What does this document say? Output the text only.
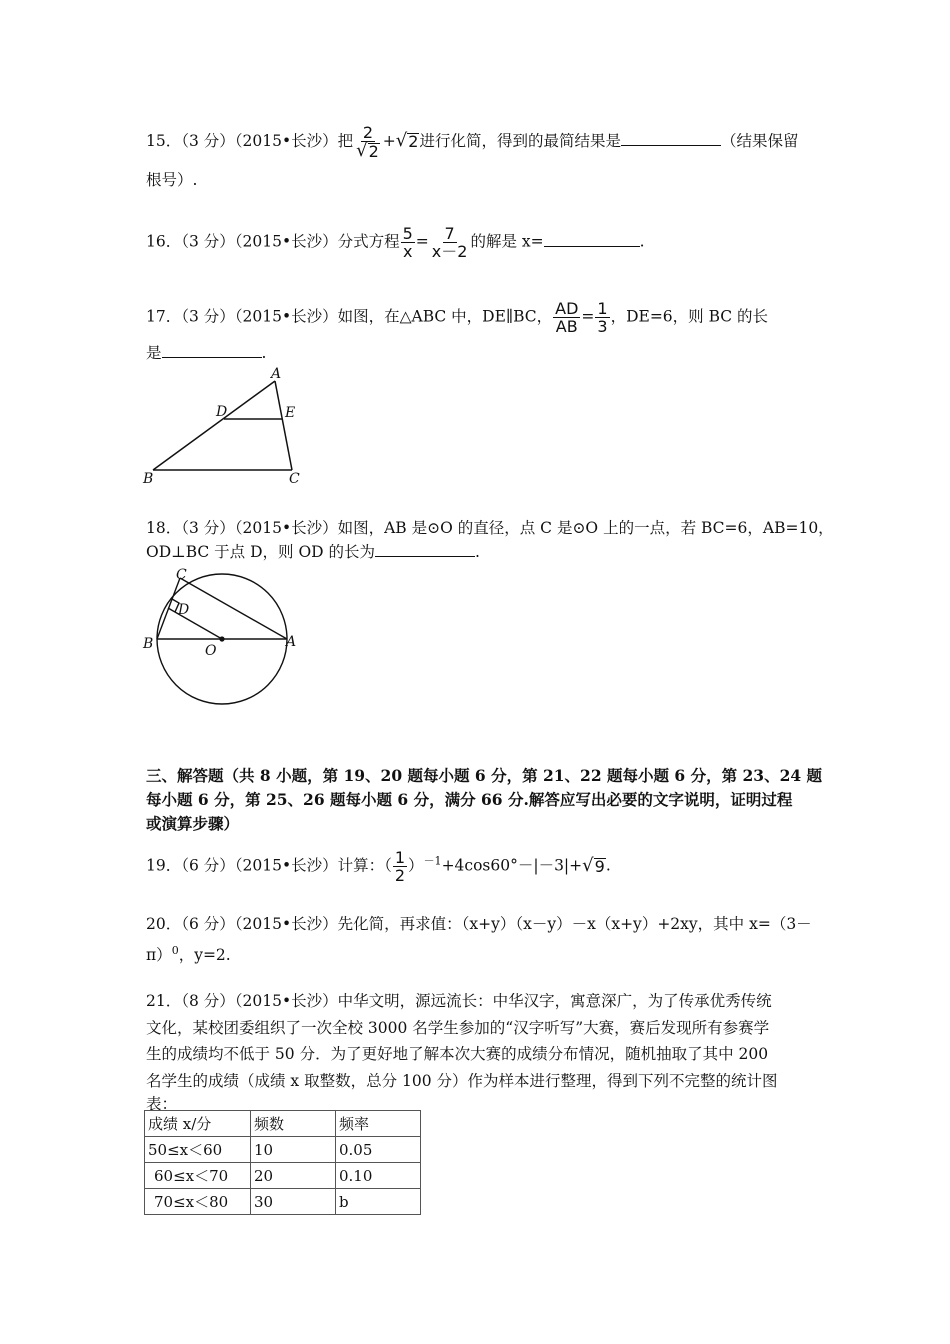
15．（3 分）（2015•长沙）把 $\frac{2}{√ 2}$ + √ 2 进行化简，得到的最简结果是	（结果保留
根号）.
16．（3 分）（2015•长沙）分式方程 $\frac{5}{x} = \frac{7}{x-2}$ 的解是 x=	.
17．（3 分）（2015•长沙）如图，在△ABC 中，DE∥BC， $\frac{AD}{AB} = \frac{1}{3}$ ，DE=6，则 BC 的长
是	.
A
D	E
B	C
18．（3 分）（2015•长沙）如图，AB 是⊙O 的直径，点 C 是⊙O 上的一点，若 BC=6，AB=10，
OD⊥BC 于点 D，则 OD 的长为	.
C
D
B	A
O
三、解答题（共 8 小题，第 19、20 题每小题 6 分，第 21、22 题每小题 6 分，第 23、24 题
每小题 6 分，第 25、26 题每小题 6 分，满分 66 分.解答应写出必要的文字说明，证明过程
或演算步骤）
19．（6 分）（2015•长沙）计算：（ $\frac{1}{2} )^{-1}+4\cos 60^\circ-|-3|+$ √ 9 .
20．（6 分）（2015•长沙）先化简，再求值：（x+y）（x－y）－x（x+y）+2xy，其中 x=（3－
π）$^0$，y=2.
21．（8 分）（2015•长沙）中华文明，源远流长：中华汉字，寓意深广，为了传承优秀传统
文化，某校团委组织了一次全校 3000 名学生参加的“汉字听写”大赛，赛后发现所有参赛学
生的成绩均不低于 50 分．为了更好地了解本次大赛的成绩分布情况，随机抽取了其中 200
名学生的成绩（成绩 x 取整数，总分 100 分）作为样本进行整理，得到下列不完整的统计图
表：
成绩 x/分	频数	频率
50≤x＜60	10	0.05
60≤x＜70	20	0.10
70≤x＜80	30	b
